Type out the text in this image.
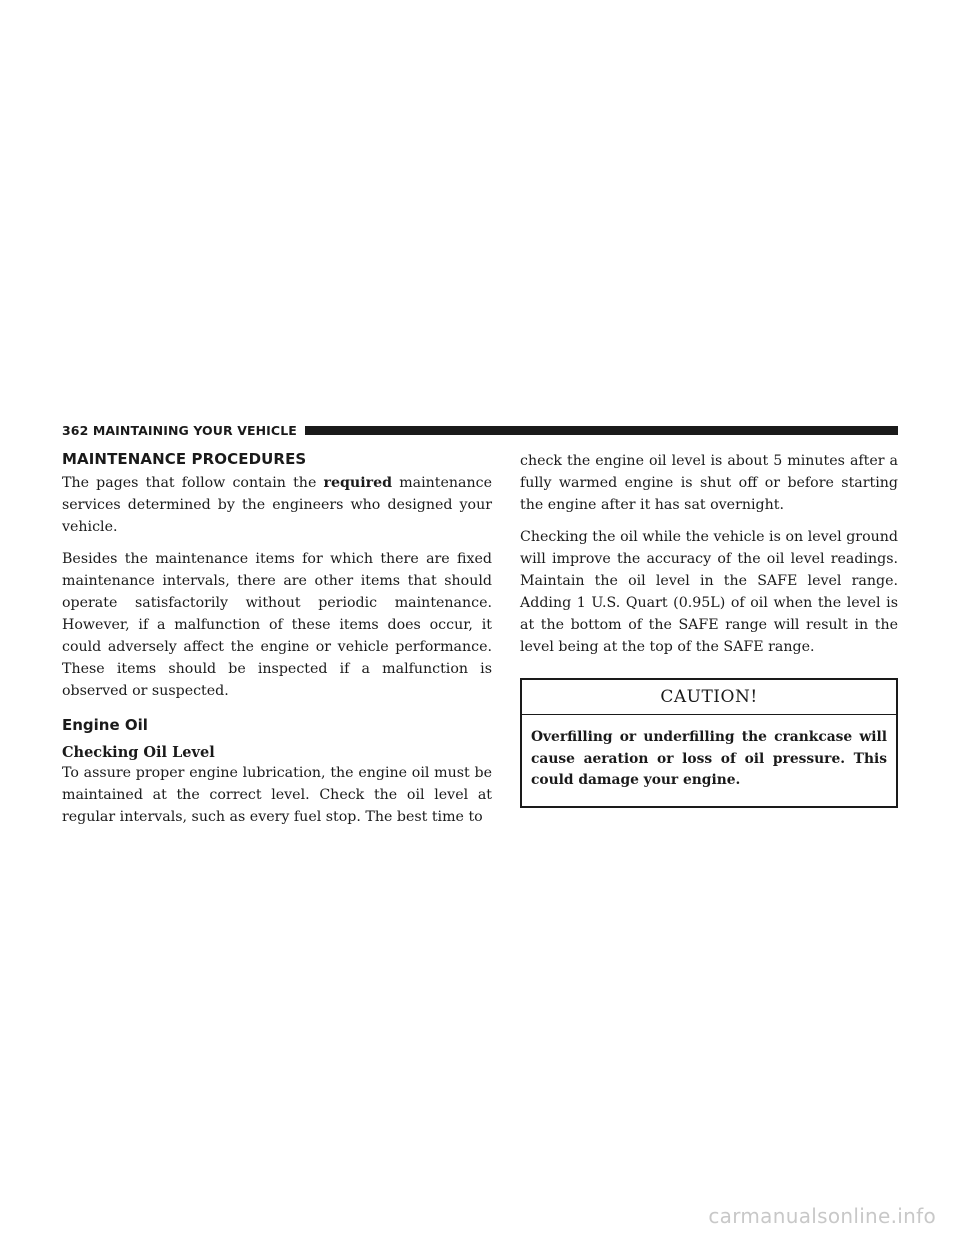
362 MAINTAINING YOUR VEHICLE
MAINTENANCE PROCEDURES

The pages that follow contain the required maintenance services determined by the engineers who designed your vehicle.

Besides the maintenance items for which there are fixed maintenance intervals, there are other items that should operate satisfactorily without periodic maintenance. However, if a malfunction of these items does occur, it could adversely affect the engine or vehicle performance. These items should be inspected if a malfunction is observed or suspected.

Engine Oil
Checking Oil Level

To assure proper engine lubrication, the engine oil must be maintained at the correct level. Check the oil level at regular intervals, such as every fuel stop. The best time to

check the engine oil level is about 5 minutes after a fully warmed engine is shut off or before starting the engine after it has sat overnight.

Checking the oil while the vehicle is on level ground will improve the accuracy of the oil level readings. Maintain the oil level in the SAFE level range. Adding 1 U.S. Quart (0.95L) of oil when the level is at the bottom of the SAFE range will result in the level being at the top of the SAFE range.

CAUTION!
Overfilling or underfilling the crankcase will cause aeration or loss of oil pressure. This could damage your engine.
carmanualsonline.info
